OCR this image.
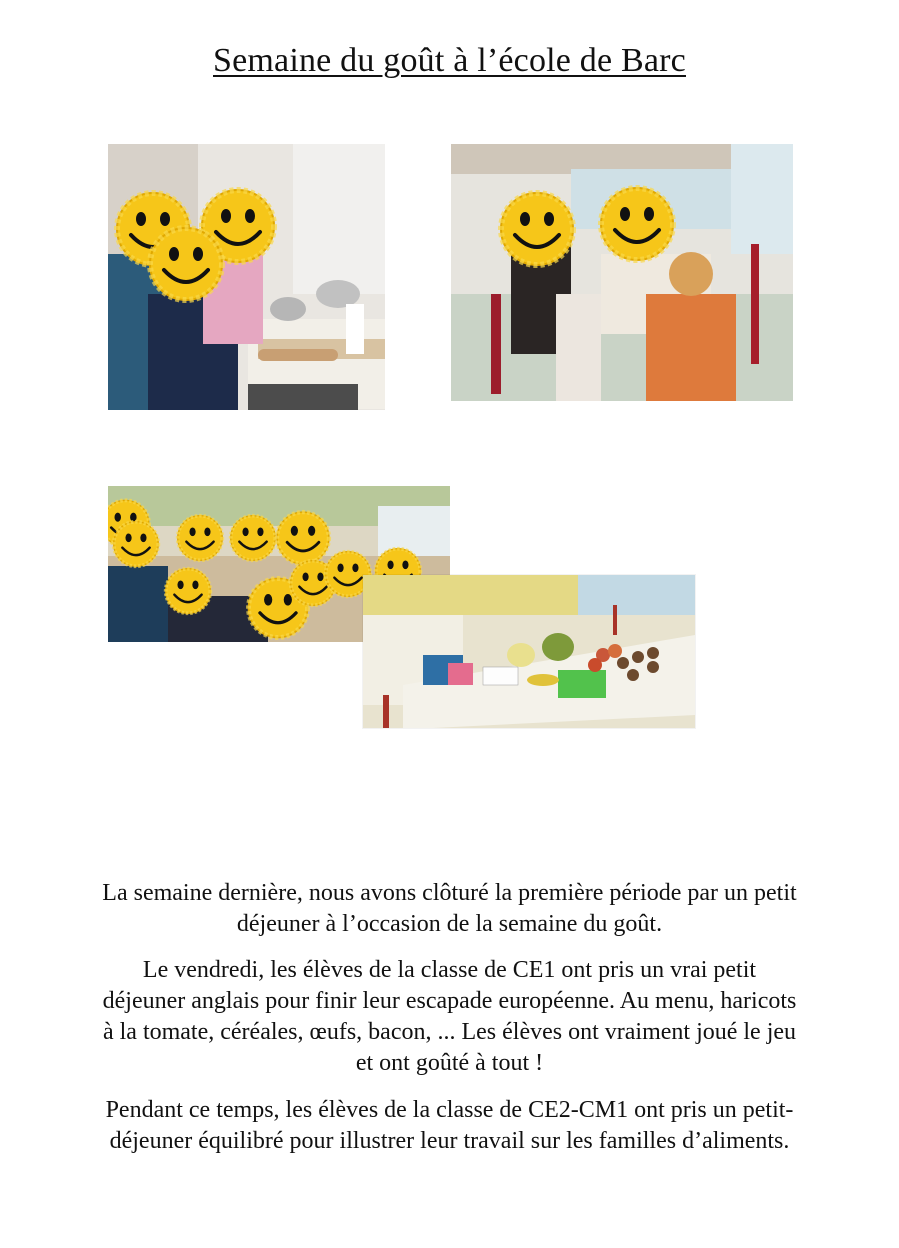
Semaine du goût à l’école de Barc

La semaine dernière, nous avons clôturé la première période par un petit déjeuner à l’occasion de la semaine du goût.

Le vendredi, les élèves de la classe de CE1 ont pris un vrai petit déjeuner anglais pour finir leur escapade européenne. Au menu, haricots à la tomate, céréales, œufs, bacon, ... Les élèves ont vraiment joué le jeu et ont goûté à tout !

Pendant ce temps, les élèves de la classe de CE2-CM1 ont pris un petit-déjeuner équilibré pour illustrer leur travail sur les familles d’aliments.
